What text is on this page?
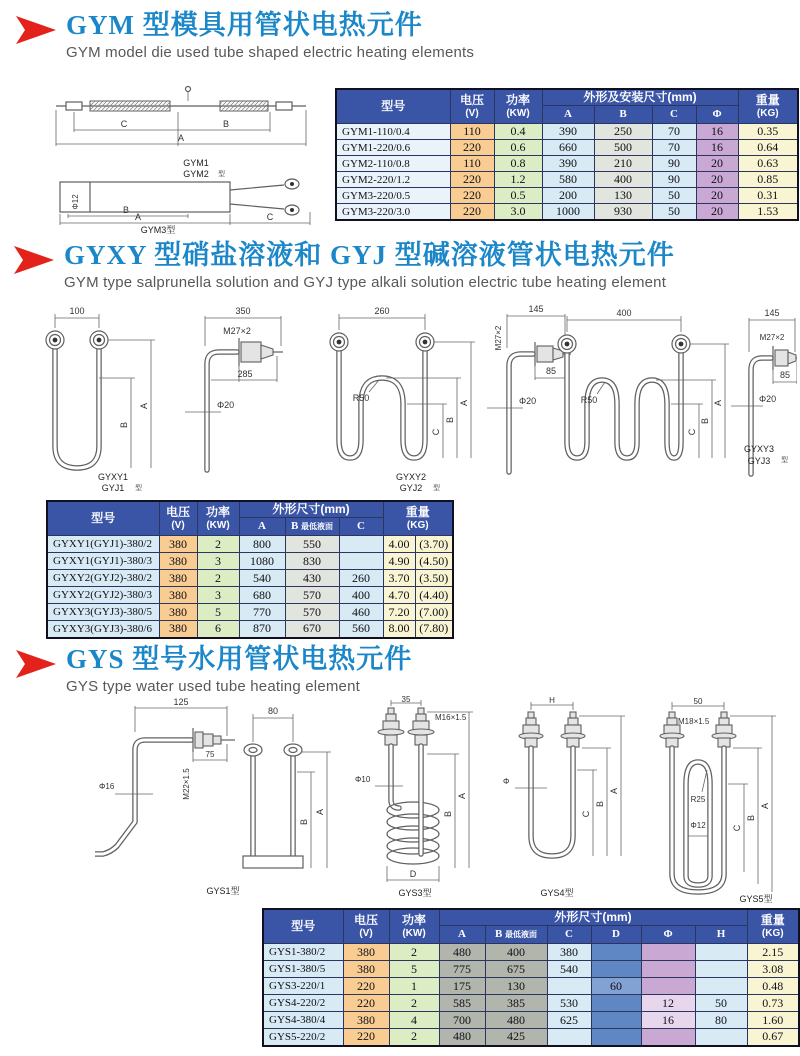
GYM 型模具用管状电热元件
GYM model die used tube shaped electric heating elements
C	B
A
GYM1
GYM2 型
Φ12
B
A	C
GYM3型
型号	电压
(V)

功率
(KW)
	外形及安装尺寸(mm)	重量
(KG)

			A	B	C	Φ	
GYM1-110/0.4	110	0.4	390	250	70	16	0.35
GYM1-220/0.6	220	0.6	660	500	70	16	0.64
GYM2-110/0.8	110	0.8	390	210	90	20	0.63
GYM2-220/1.2	220	1.2	580	400	90	20	0.85
GYM3-220/0.5	220	0.5	200	130	50	20	0.31
GYM3-220/3.0	220	3.0	1000	930	50	20	1.53
GYXY 型硝盐溶液和 GYJ 型碱溶液管状电热元件
GYM type salprunella solution and GYJ type alkali solution electric tube heating element
100
B
A
350
M27×2
285
Φ20
GYXY1
GYJ1 型
260
R50
C
B
A
145
M27×2
85
Φ20
GYXY2
GYJ2 型
400
R50
C
B
A
145
M27×2
85
Φ20
GYXY3
GYJ3 型
型号	电压
(V)

功率
(KW)
	外形尺寸(mm)	重量
(KG)

			A	B 最低液面	C		
GYXY1(GYJ1)-380/2	380	2	800	550		4.00	(3.70)
GYXY1(GYJ1)-380/3	380	3	1080	830		4.90	(4.50)
GYXY2(GYJ2)-380/2	380	2	540	430	260	3.70	(3.50)
GYXY2(GYJ2)-380/3	380	3	680	570	400	4.70	(4.40)
GYXY3(GYJ3)-380/5	380	5	770	570	460	7.20	(7.00)
GYXY3(GYJ3)-380/6	380	6	870	670	560	8.00	(7.80)
GYS 型号水用管状电热元件
GYS type water used tube heating element
125
75
M22×1.5
Φ16
80
B
A
GYS1型
35
M16×1.5
Φ10
B
A
D
GYS3型
H
Φ
C
B
A
GYS4型
50
M18×1.5
R25
Φ12	C
B
A
GYS5型
型号	电压
(V)

功率
(KW)
	外形尺寸(mm)	重量
(KG)

			A	B 最低液面	C	D	Φ	H	
GYS1-380/2	380	2	480	400	380				2.15
GYS1-380/5	380	5	775	675	540				3.08
GYS3-220/1	220	1	175	130		60			0.48
GYS4-220/2	220	2	585	385	530		12	50	0.73
GYS4-380/4	380	4	700	480	625		16	80	1.60
GYS5-220/2	220	2	480	425					0.67
